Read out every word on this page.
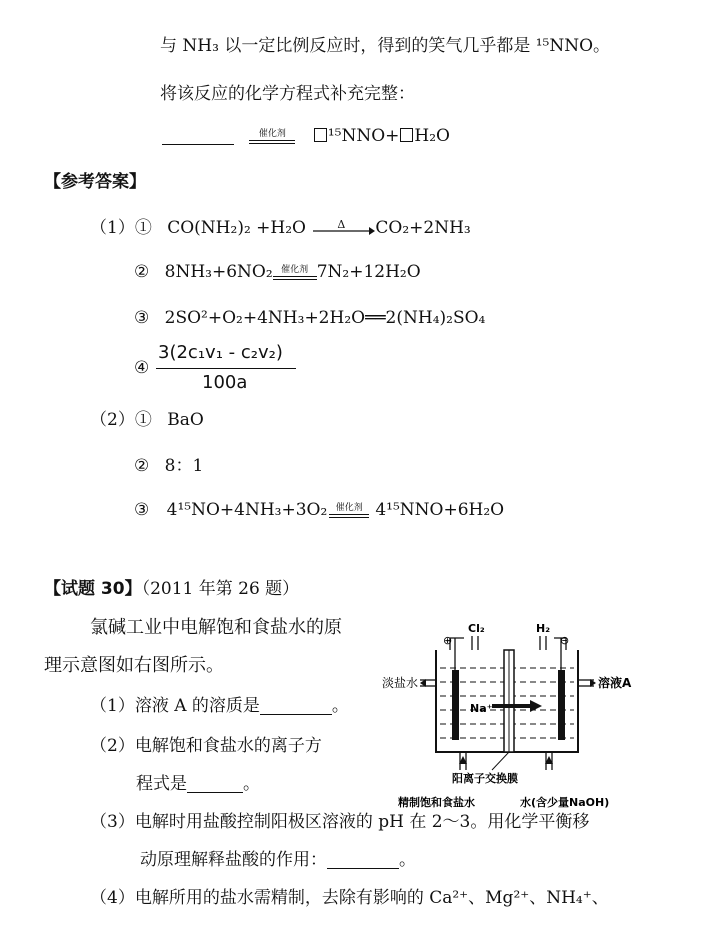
与 NH₃ 以一定比例反应时，得到的笑气几乎都是 ¹⁵NNO。
将该反应的化学方程式补充完整：

催化剂	¹⁵NNO+ H₂O
【参考答案】
（1）① CO(NH₂)₂ +H₂O	Δ CO₂+2NH₃
② 8NH₃+6NO₂ 催化剂 7N₂+12H₂O
③ 2SO²+O₂+4NH₃+2H₂O══2(NH₄)₂SO₄
④
3(2c₁v₁ - c₂v₂)
100a
（2）① BaO
② 8：1
③ 4¹⁵NO+4NH₃+3O₂ 催化剂 4¹⁵NNO+6H₂O
【试题 30】（2011 年第 26 题）
氯碱工业中电解饱和食盐水的原
理示意图如右图所示。
（1）溶液 A 的溶质是	。
（2）电解饱和食盐水的离子方
程式是	。
（3）电解时用盐酸控制阳极区溶液的 pH 在 2～3。用化学平衡移
动原理解释盐酸的作用：	。
（4）电解所用的盐水需精制，去除有影响的 Ca²⁺、Mg²⁺、NH₄⁺、
Cl₂	H₂
⊕	⊖
淡盐水	溶液A
Na⁺
阳离子交换膜
精制饱和食盐水	水(含少量NaOH)
